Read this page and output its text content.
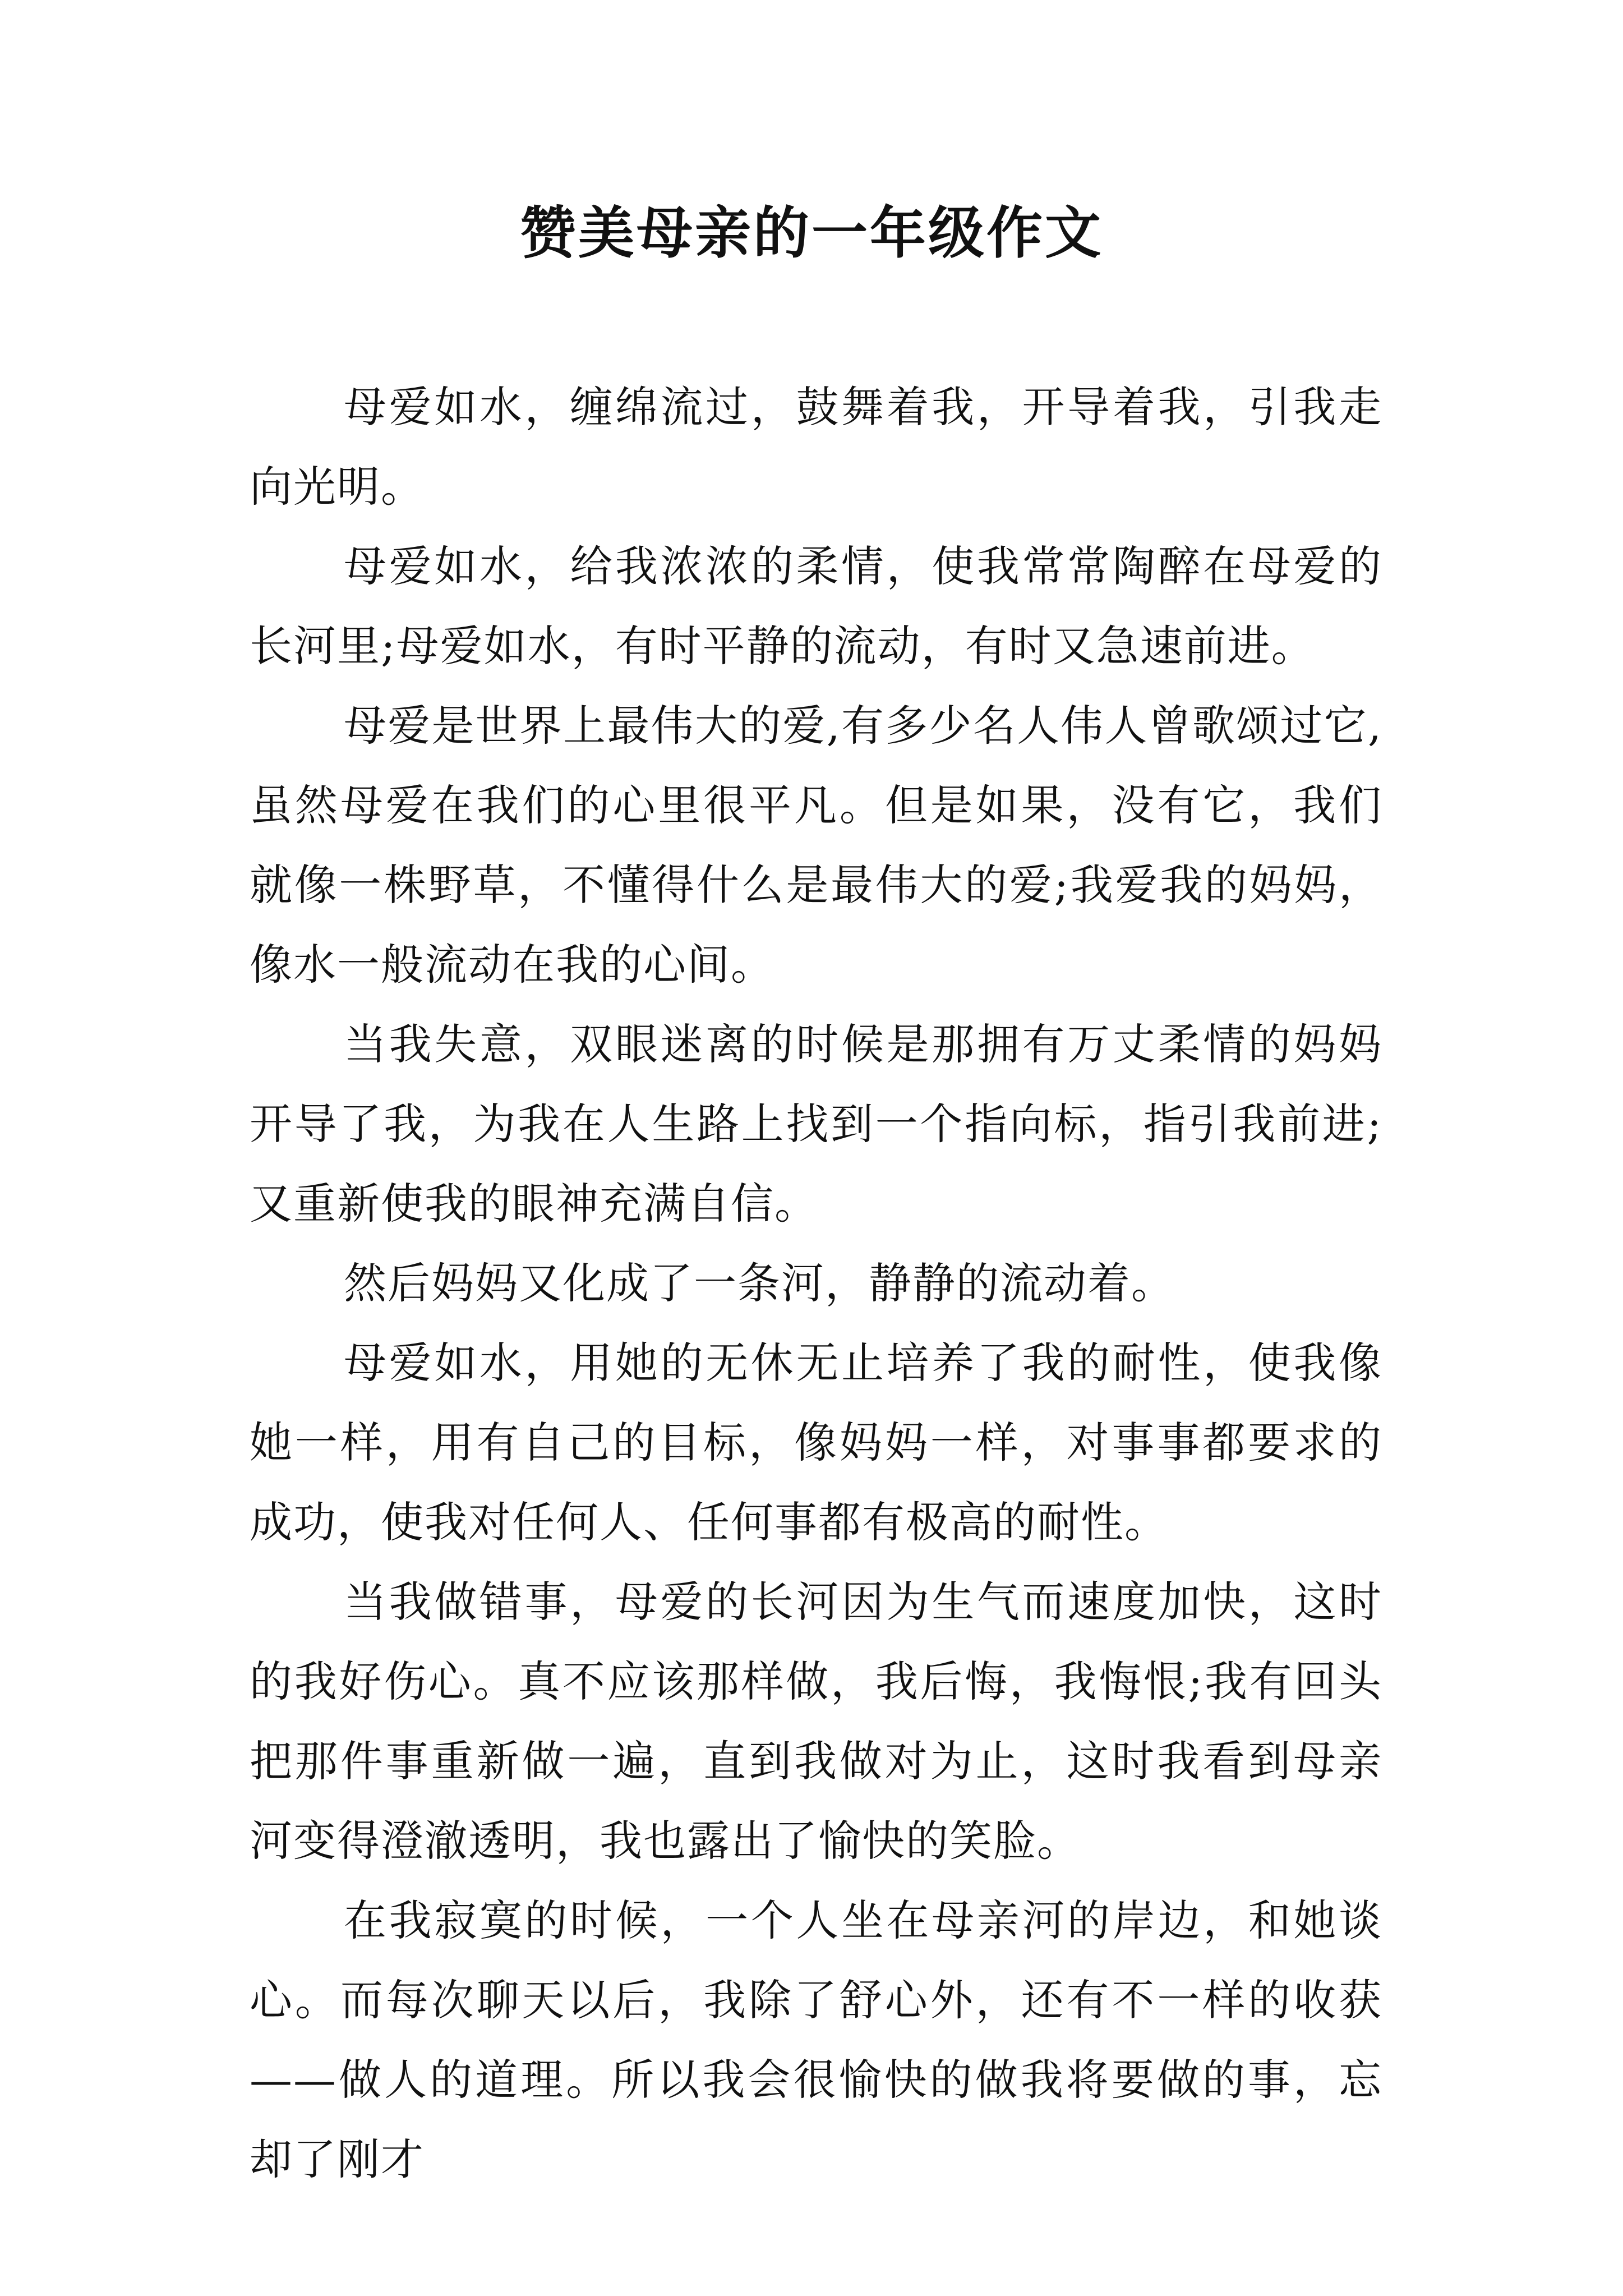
赞美母亲的一年级作文

母爱如水，缠绵流过，鼓舞着我，开导着我，引我走向光明。

母爱如水，给我浓浓的柔情，使我常常陶醉在母爱的长河里;母爱如水，有时平静的流动，有时又急速前进。

母爱是世界上最伟大的爱,有多少名人伟人曾歌颂过它,虽然母爱在我们的心里很平凡。但是如果，没有它，我们就像一株野草，不懂得什么是最伟大的爱;我爱我的妈妈，像水一般流动在我的心间。

当我失意，双眼迷离的时候是那拥有万丈柔情的妈妈开导了我，为我在人生路上找到一个指向标，指引我前进;又重新使我的眼神充满自信。

然后妈妈又化成了一条河，静静的流动着。

母爱如水，用她的无休无止培养了我的耐性，使我像她一样，用有自己的目标，像妈妈一样，对事事都要求的成功，使我对任何人、任何事都有极高的耐性。

当我做错事，母爱的长河因为生气而速度加快，这时的我好伤心。真不应该那样做，我后悔，我悔恨;我有回头把那件事重新做一遍，直到我做对为止，这时我看到母亲河变得澄澈透明，我也露出了愉快的笑脸。

在我寂寞的时候，一个人坐在母亲河的岸边，和她谈心。而每次聊天以后，我除了舒心外，还有不一样的收获——做人的道理。所以我会很愉快的做我将要做的事，忘却了刚才
